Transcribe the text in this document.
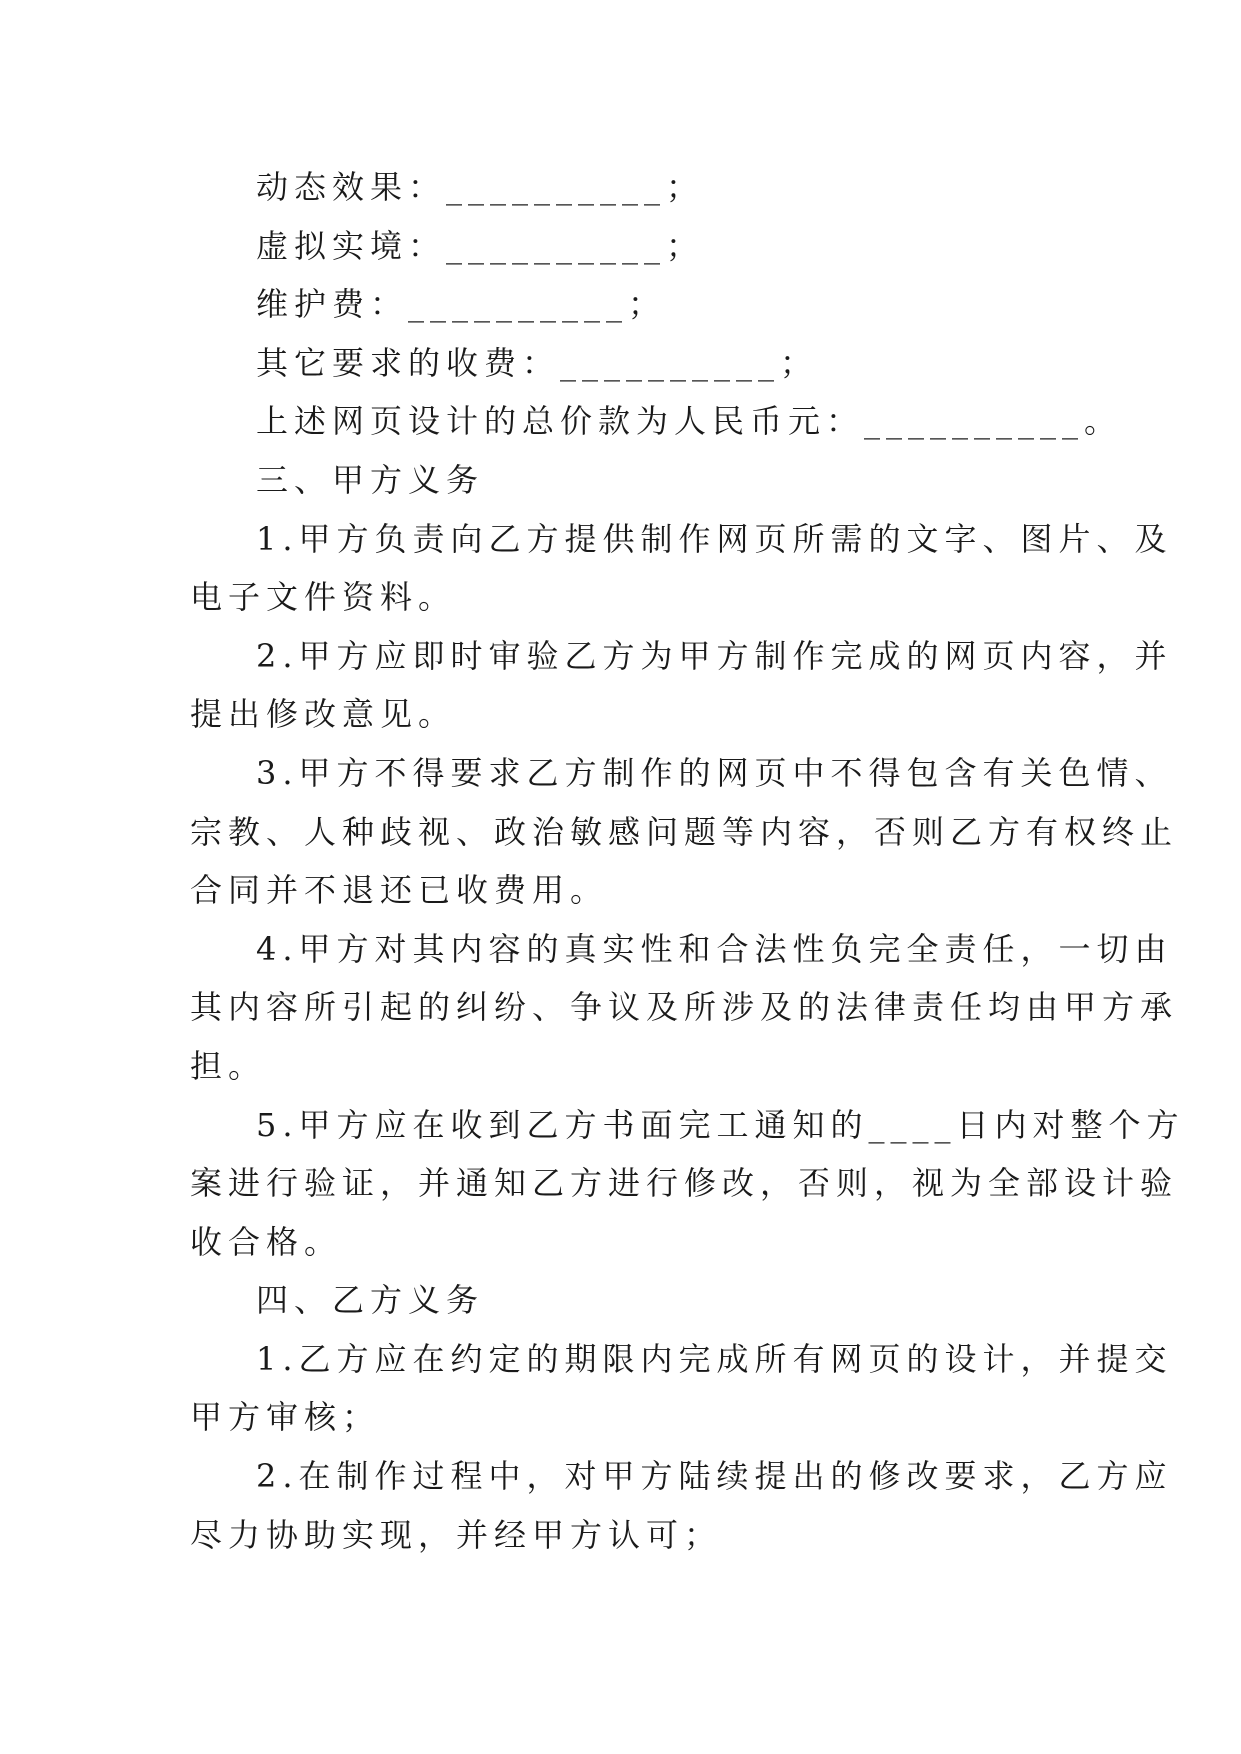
动态效果：__________；
虚拟实境：__________；
维护费：__________；
其它要求的收费：__________；
上述网页设计的总价款为人民币元：__________。
三、甲方义务
1.甲方负责向乙方提供制作网页所需的文字、图片、及
电子文件资料。
2.甲方应即时审验乙方为甲方制作完成的网页内容，并
提出修改意见。
3.甲方不得要求乙方制作的网页中不得包含有关色情、
宗教、人种歧视、政治敏感问题等内容，否则乙方有权终止
合同并不退还已收费用。
4.甲方对其内容的真实性和合法性负完全责任，一切由
其内容所引起的纠纷、争议及所涉及的法律责任均由甲方承
担。
5.甲方应在收到乙方书面完工通知的____日内对整个方
案进行验证，并通知乙方进行修改，否则，视为全部设计验
收合格。
四、乙方义务
1.乙方应在约定的期限内完成所有网页的设计，并提交
甲方审核；
2.在制作过程中，对甲方陆续提出的修改要求，乙方应
尽力协助实现，并经甲方认可；
